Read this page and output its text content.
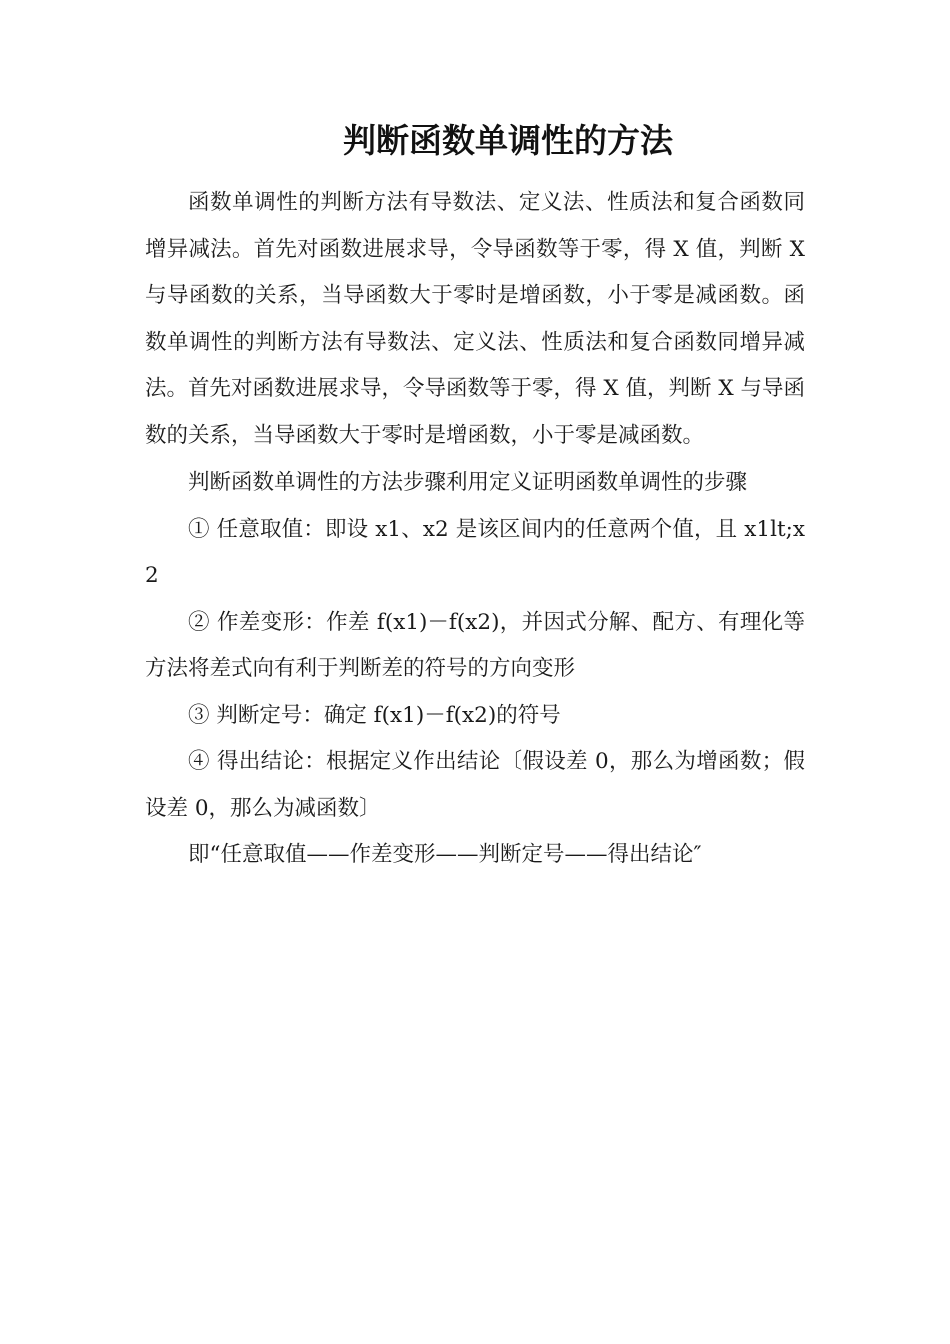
判断函数单调性的方法

函数单调性的判断方法有导数法、定义法、性质法和复合函数同增异减法。首先对函数进展求导，令导函数等于零，得 X 值，判断 X 与导函数的关系，当导函数大于零时是增函数，小于零是减函数。函数单调性的判断方法有导数法、定义法、性质法和复合函数同增异减法。首先对函数进展求导，令导函数等于零，得 X 值，判断 X 与导函数的关系，当导函数大于零时是增函数，小于零是减函数。

判断函数单调性的方法步骤利用定义证明函数单调性的步骤

① 任意取值：即设 x1、x2 是该区间内的任意两个值，且 x1lt;x2

② 作差变形：作差 f(x1)－f(x2)，并因式分解、配方、有理化等方法将差式向有利于判断差的符号的方向变形

③ 判断定号：确定 f(x1)－f(x2)的符号

④ 得出结论：根据定义作出结论〔假设差 0，那么为增函数；假设差 0，那么为减函数〕

即“任意取值——作差变形——判断定号——得出结论″
